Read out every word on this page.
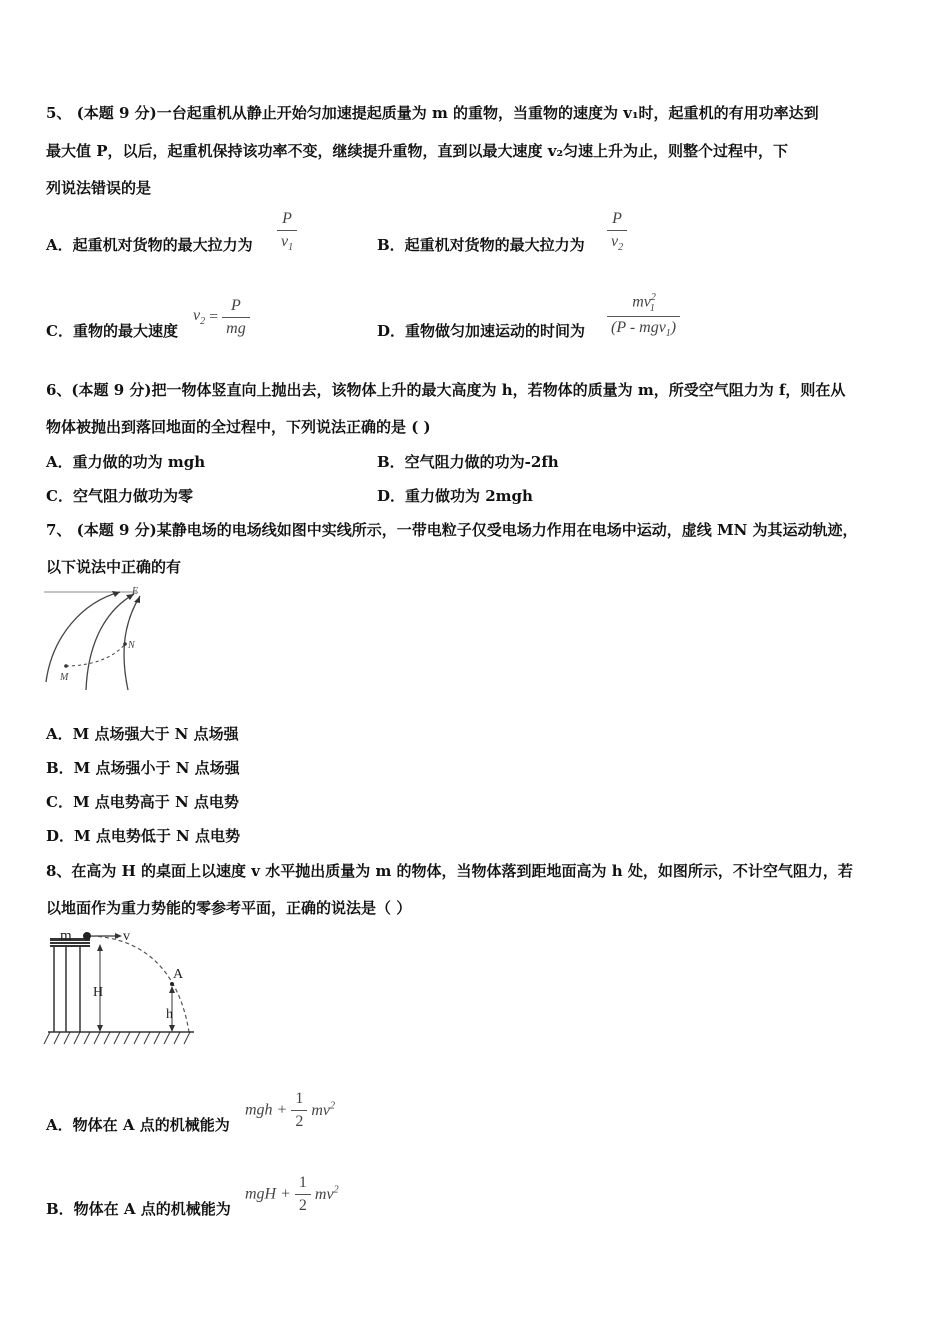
5、 (本题 9 分)一台起重机从静止开始匀加速提起质量为 m 的重物，当重物的速度为 v₁时，起重机的有用功率达到
最大值 P，以后，起重机保持该功率不变，继续提升重物，直到以最大速度 v₂匀速上升为止，则整个过程中，下
列说法错误的是
A．起重机对货物的最大拉力为 $\frac{P}{v_1}$	B．起重机对货物的最大拉力为 $\frac{P}{v_2}$
C．重物的最大速度
$v_2 = \frac{P}{mg}$	D．重物做匀加速运动的时间为 $\frac{mv^2_1}{(P - mgv_1)}$
6、(本题 9 分)把一物体竖直向上抛出去，该物体上升的最大高度为 h，若物体的质量为 m，所受空气阻力为 f，则在从
物体被抛出到落回地面的全过程中，下列说法正确的是 ( )
A．重力做的功为 mgh	B．空气阻力做的功为-2fh
C．空气阻力做功为零	D．重力做功为 2mgh
7、 (本题 9 分)某静电场的电场线如图中实线所示，一带电粒子仅受电场力作用在电场中运动，虚线 MN 为其运动轨迹，
以下说法中正确的有
E
N
M
A．M 点场强大于 N 点场强
B．M 点场强小于 N 点场强
C．M 点电势高于 N 点电势
D．M 点电势低于 N 点电势
8、在高为 H 的桌面上以速度 v 水平抛出质量为 m 的物体，当物体落到距地面高为 h 处，如图所示，不计空气阻力，若
以地面作为重力势能的零参考平面，正确的说法是（ ）
v
m
H
A
h
A．物体在 A 点的机械能为
mgh + $\frac{1}{2} mv^2$
B．物体在 A 点的机械能为
mgH + $\frac{1}{2} mv^2$
